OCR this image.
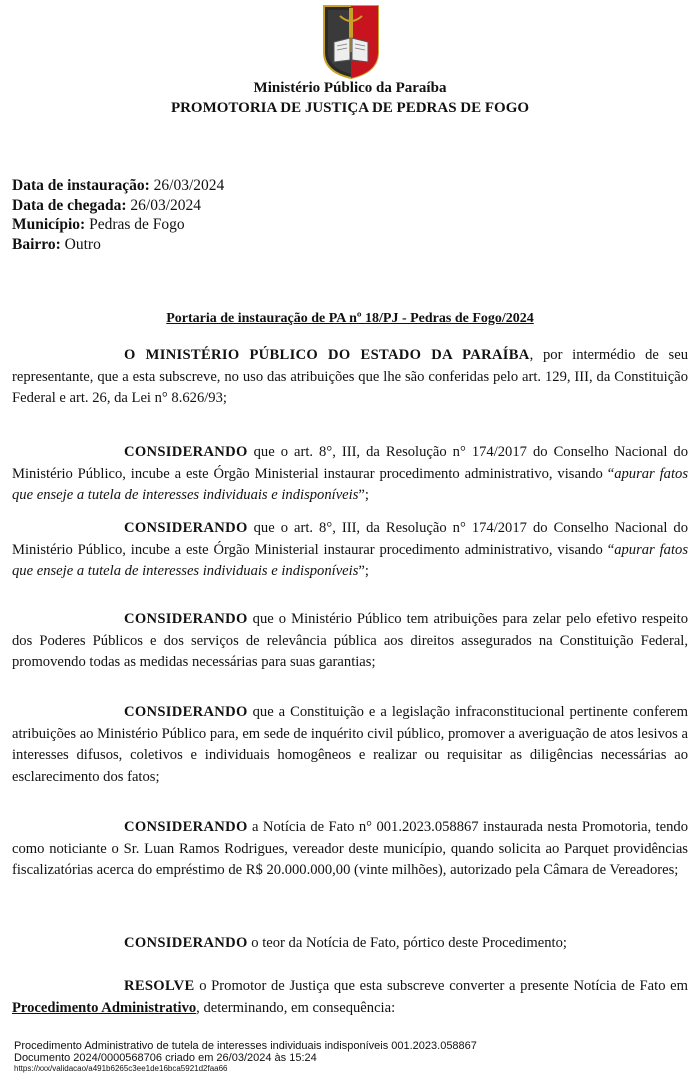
Ministério Público da Paraíba
PROMOTORIA DE JUSTIÇA DE PEDRAS DE FOGO
Data de instauração: 26/03/2024
Data de chegada: 26/03/2024
Município: Pedras de Fogo
Bairro: Outro
Portaria de instauração de PA nº 18/PJ - Pedras de Fogo/2024

O MINISTÉRIO PÚBLICO DO ESTADO DA PARAÍBA, por intermédio de seu representante, que a esta subscreve, no uso das atribuições que lhe são conferidas pelo art. 129, III, da Constituição Federal e art. 26, da Lei n° 8.626/93;

CONSIDERANDO que o art. 8°, III, da Resolução n° 174/2017 do Conselho Nacional do Ministério Público, incube a este Órgão Ministerial instaurar procedimento administrativo, visando “apurar fatos que enseje a tutela de interesses individuais e indisponíveis”;

CONSIDERANDO que o art. 8°, III, da Resolução n° 174/2017 do Conselho Nacional do Ministério Público, incube a este Órgão Ministerial instaurar procedimento administrativo, visando “apurar fatos que enseje a tutela de interesses individuais e indisponíveis”;

CONSIDERANDO que o Ministério Público tem atribuições para zelar pelo efetivo respeito dos Poderes Públicos e dos serviços de relevância pública aos direitos assegurados na Constituição Federal, promovendo todas as medidas necessárias para suas garantias;

CONSIDERANDO que a Constituição e a legislação infraconstitucional pertinente conferem atribuições ao Ministério Público para, em sede de inquérito civil público, promover a averiguação de atos lesivos a interesses difusos, coletivos e individuais homogêneos e realizar ou requisitar as diligências necessárias ao esclarecimento dos fatos;

CONSIDERANDO a Notícia de Fato n° 001.2023.058867 instaurada nesta Promotoria, tendo como noticiante o Sr. Luan Ramos Rodrigues, vereador deste município, quando solicita ao Parquet providências fiscalizatórias acerca do empréstimo de R$ 20.000.000,00 (vinte milhões), autorizado pela Câmara de Vereadores;

CONSIDERANDO o teor da Notícia de Fato, pórtico deste Procedimento;

RESOLVE o Promotor de Justiça que esta subscreve converter a presente Notícia de Fato em Procedimento Administrativo, determinando, em consequência:

Procedimento Administrativo de tutela de interesses individuais indisponíveis 001.2023.058867
Documento 2024/0000568706 criado em 26/03/2024 às 15:24
https://xxx/validacao/a491b6265c3ee1de16bca5921d2faa66
